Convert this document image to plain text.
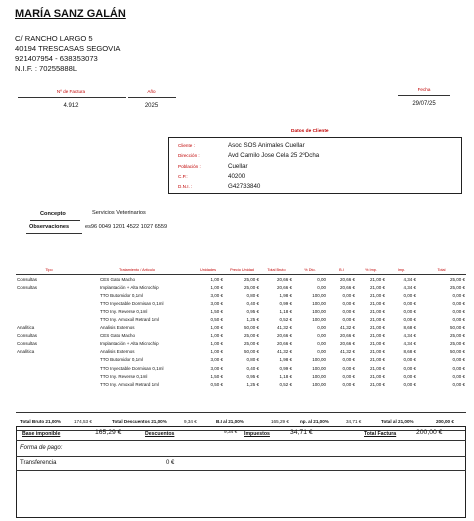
MARÍA SANZ GALÁN
C/ RANCHO LARGO 5
40194 TRESCASAS SEGOVIA
921407954 - 638353073
N.I.F. : 70255888L
Nº de Factura
4.912
Año
2025
Fecha
29/07/25
Datos de Cliente
Cliente :	Asoc SOS Animales Cuellar
Dirección :	Avd Camilo Jose Cela 25 2ºDcha
Población :	Cuellar
C.P.:	40200
D.N.I. :	G42733840
Concepto	Servicios Veterinarios
Observaciones	es96 0049 1201 4522 1027 6559
Tipo	Tratamiento / Artículo	Unidades	Precio Unidad	Total Bruto	% Dto.	B.I	% Imp.	Imp.	Total
Consultas	CES Gato Macho	1,00 €	25,00 €	20,66 €	0,00	20,66 €	21,00 €	4,34 €	25,00 €
Consultas	Implantación + Alta Microchip	1,00 €	25,00 €	20,66 €	0,00	20,66 €	21,00 €	4,34 €	25,00 €
	TTO Butomidor 0,1ml	3,00 €	0,80 €	1,98 €	100,00	0,00 €	21,00 €	0,00 €	0,00 €
	TTO Inyectable Dormisan 0,1ml	3,00 €	0,40 €	0,99 €	100,00	0,00 €	21,00 €	0,00 €	0,00 €
	TTO Iny. Reverse 0,1ml	1,50 €	0,95 €	1,18 €	100,00	0,00 €	21,00 €	0,00 €	0,00 €
	TTO Iny. Amoxoil Retrard 1ml	0,50 €	1,25 €	0,52 €	100,00	0,00 €	21,00 €	0,00 €	0,00 €
Analítica	Analisis Externos	1,00 €	50,00 €	41,32 €	0,00	41,32 €	21,00 €	8,68 €	50,00 €
Consultas	CES Gato Macho	1,00 €	25,00 €	20,66 €	0,00	20,66 €	21,00 €	4,34 €	25,00 €
Consultas	Implantación + Alta Microchip	1,00 €	25,00 €	20,66 €	0,00	20,66 €	21,00 €	4,34 €	25,00 €
Analítica	Analisis Externos	1,00 €	50,00 €	41,32 €	0,00	41,32 €	21,00 €	8,68 €	50,00 €
	TTO Butomidor 0,1ml	3,00 €	0,80 €	1,98 €	100,00	0,00 €	21,00 €	0,00 €	0,00 €
	TTO Inyectable Dormisan 0,1ml	3,00 €	0,40 €	0,99 €	100,00	0,00 €	21,00 €	0,00 €	0,00 €
	TTO Iny. Reverse 0,1ml	1,50 €	0,95 €	1,18 €	100,00	0,00 €	21,00 €	0,00 €	0,00 €
	TTO Iny. Amoxoil Retrard 1ml	0,50 €	1,25 €	0,52 €	100,00	0,00 €	21,00 €	0,00 €	0,00 €
Total Bruto 21,00%	174,53 €	Total Descuentos 21,00%	9,34 €	B.I al 21,00%	165,29 € np. al 21,00%	34,71 €	Total al 21,00%	200,00 €
Base imponible	165,29 €	Descuentos	9,34 € Impuestos	34,71 €	Total Factura	200,00 €
Forma de pago:
Transferencia	0 €
